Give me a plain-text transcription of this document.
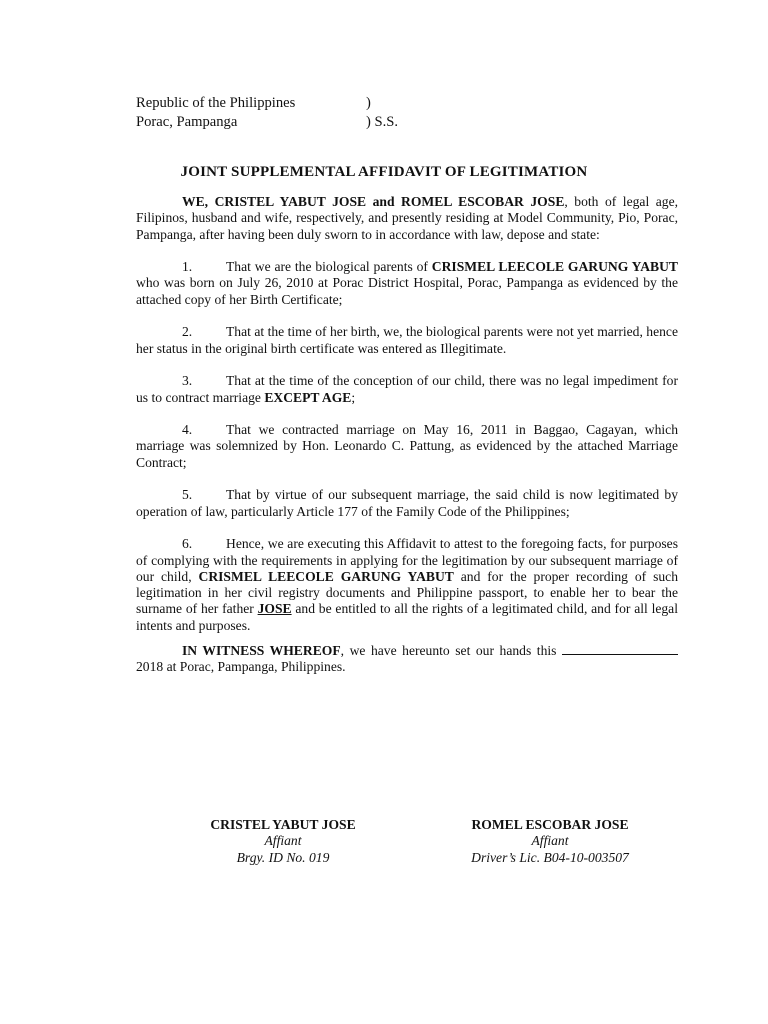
Republic of the Philippines	)
Porac, Pampanga	) S.S.
JOINT SUPPLEMENTAL AFFIDAVIT OF LEGITIMATION

WE, CRISTEL YABUT JOSE and ROMEL ESCOBAR JOSE, both of legal age, Filipinos, husband and wife, respectively, and presently residing at Model Community, Pio, Porac, Pampanga, after having been duly sworn to in accordance with law, depose and state:

1. That we are the biological parents of CRISMEL LEECOLE GARUNG YABUT who was born on July 26, 2010 at Porac District Hospital, Porac, Pampanga as evidenced by the attached copy of her Birth Certificate;

2. That at the time of her birth, we, the biological parents were not yet married, hence her status in the original birth certificate was entered as Illegitimate.

3. That at the time of the conception of our child, there was no legal impediment for us to contract marriage EXCEPT AGE;

4. That we contracted marriage on May 16, 2011 in Baggao, Cagayan, which marriage was solemnized by Hon. Leonardo C. Pattung, as evidenced by the attached Marriage Contract;

5. That by virtue of our subsequent marriage, the said child is now legitimated by operation of law, particularly Article 177 of the Family Code of the Philippines;

6. Hence, we are executing this Affidavit to attest to the foregoing facts, for purposes of complying with the requirements in applying for the legitimation by our subsequent marriage of our child, CRISMEL LEECOLE GARUNG YABUT and for the proper recording of such legitimation in her civil registry documents and Philippine passport, to enable her to bear the surname of her father JOSE and be entitled to all the rights of a legitimated child, and for all legal intents and purposes.

IN WITNESS WHEREOF, we have hereunto set our hands this  2018 at Porac, Pampanga, Philippines.

CRISTEL YABUT JOSE
Affiant
Brgy. ID No. 019
ROMEL ESCOBAR JOSE
Affiant
Driver’s Lic. B04-10-003507
